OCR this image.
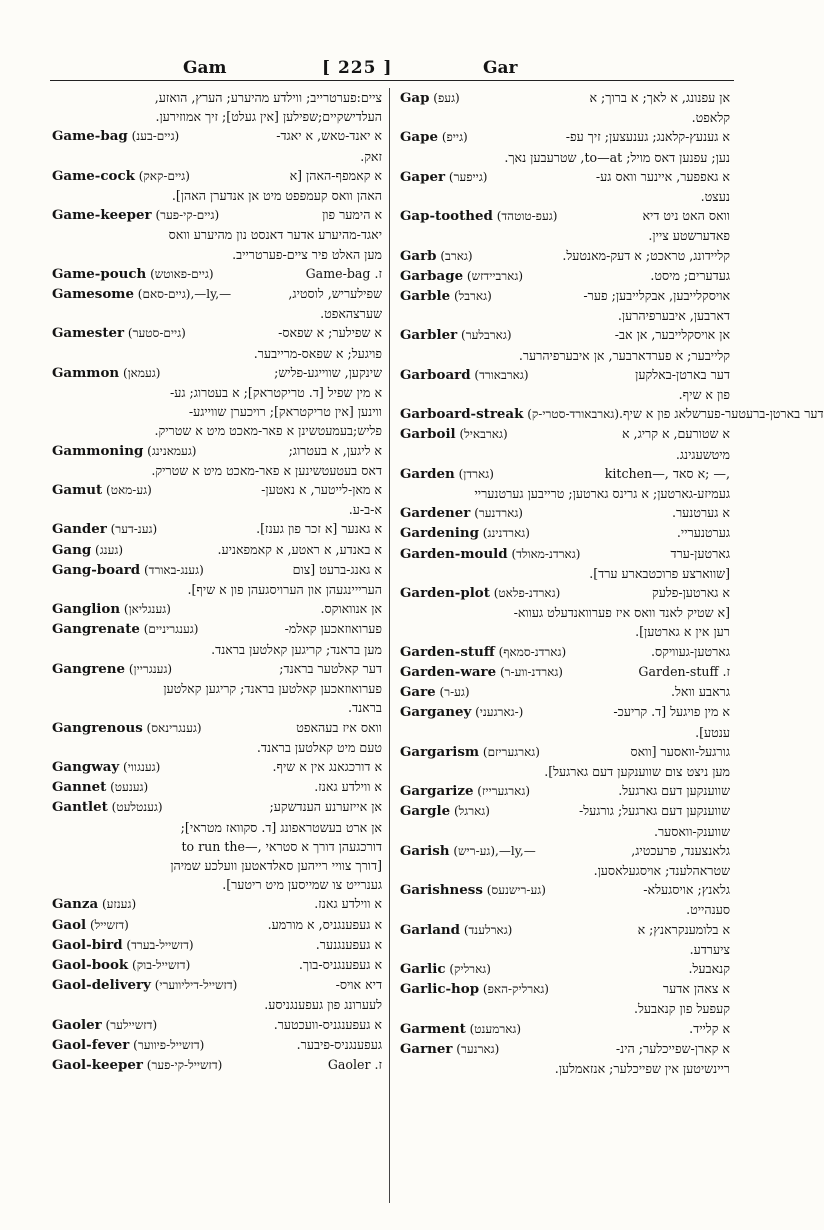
Gam	[ 225 ]	Gar
ציים:פערטרייב; ווילדע מהיערע; הערץ, הואזע,
העלדישקיים;שפילען [אין געלט]; זיך אמוזירען.
Game-bag (גיים-בענ)	א יאנד-טאש, א יאגד-
זאק.
Game-cock (גיים-קאק)	א קאמפף-האהן [א
האהן וואס קעמפפט מיט אן אנדערן האהן].
Game-keeper (גיים-קי-פער)	א הימער פון
יאגד-מהיערע אדער דאנסט נון מהיערע וואס
מען האלט פיר ציים-פערטרייב.
Game-pouch (גיים-פאוטש)	Game-bag .ז
Gamesome (גיים-סאם),—ly,—	שפילעריש, לוסטיג,
שערצהאפט.
Gamester (גיים-סטער)	א שפילער; א שפאס-
פויגעל; א שפאס-מרייבער.
Gammon (געמאן)	שינקען, שווייגע-פליש;
א מין שפיל [ד. טריקטראק]; א בעטרוג; גע-
ווינען [אין טריקטראק]; רויכערן שווייגע-
פליש;בעמעטשינן א פאר-מאכט מיט א שטריק.
Gammoning (געמאנינג)	א ליגען, א בעטרוג;
דאס בעטעטשינען א פאר-מאכט מיט א שטריק.
Gamut (גע-מאט)	א מאן-לייטער, א נאטען-
א-ב-ע.
Gander (גענ-דער)	א גאנער [א זכר פון גענז].
Gang (גענג)	א באנדע, א ראטע, א קאמפאניע.
Gang-board (גענג-באורד)	א גאנג-ברעט [צום
הערייינגעהן און הערויסגעהן פון א שיף].
Ganglion (גענגליאן)	אן אנוואוקס.
Gangrenate (גענגריניים)	פערואוזאכען קאלמ-
מען בראנד; קריגען קאלטען בראנד.
Gangrene (גענגריין)	דער קאלטער בראנד;
פערואוזאכען קאלטען בראנד; קריגען קאלטען
בראנד.
Gangrenous (גענגרינאס)	וואס איז בעהאפט
טעם מיט קאלטען בראנד.
Gangway (גענגווי)	א דורכגאנג אין א שיף.
Gannet (גענעט)	א ווילדע גאנז.
Gantlet (גענטלעט)	אן אייזערנע הענדשקע;
אן ארט בעשטראפונג [ד. סקוואז מטראי];
to run the—, דורכגעהן דורך א סטראי
[דורך צוויי רייהען סאלדאטען וועלכע שמיהן
גענרייט צו שמייסען מיט ריטער].
Ganza (גענזע)	א ווילדע גאנז.
Gaol (דזשייל)	א געפענגניס, א מורמע.
Gaol-bird (דזשייל-בערד)	א געפענגנער.
Gaol-book (דזשייל-בוק)	א געפענגניס-בוך.
Gaol-delivery (דזשייל-דיליווערי)	דיא אויס-
לעערונג פון געפענגניסע.
Gaoler (דזשיילער)	א געפענגניס-וועכטער.
Gaol-fever (דזשייל-פיווער)	געפענגניס-פיבער.
Gaol-keeper (דזשייל-קי-פער)	Gaoler .ז
Gap (געפ)	אן עפנונג, א לאך; א ברוך; א
קלאפט.
Gape (גייפ)	א גענעץ-קלאנג; גענעצען; זיך עפ-
נען; עפנען דאס מויל; to—at, שטרעבען נאך.
Gaper (גייפער)	א גאפפער, איינער וואס גע-
נעצט.
Gap-toothed (געפ-טוטהד)	וואס האט ניט דיא
פאדערשטע ציין.
Garb (גארב)	קליידונג, טראכט; א דעק-מאנטעל.
Garbage (גארביידזש)	געדערים; מיסט.
Garble (גארבל)	אויסקלייבען, אבקלייבען; פער-
דארבען, איבערפיהרען.
Garbler (גארבלער)	אן אויסקלייבער, אן אב-
קלייבער; א פערדארבער, אן איבערפיהרער.
Garboard (גארבאורד)	דער בארטן-באלקען
פון א שיף.
Garboard-streak (גארבאורד-סטרי-ק) דער בארטן-ברעטער-פערשלאג פון א שיף.
Garboil (גארבאיל)	א שטורעם, א קריג, א
מיטשעגינג.
Garden (גארדן)	kitchen—, א סאד; —,
געמיזע-גארטען; א גרינס גארטען; טרייבען גערטנעריי
Gardener (גארדנער)	א גערטנער.
Gardening (גארדנינג)	גערטנעריי.
Garden-mould (גארדנ-מאולד)	גארטען-ערד
[שווארצע פרוכטבארע ערד].
Garden-plot (גארדנ-פלאט)	א גארטען-פלעק
[א שטיק לאנד וואס איז פערוואנדעלט געווא-
רען אין א גארטען].
Garden-stuff (גארדנ-סמאף)	גארטען-געוויקס.
Garden-ware (גארדנ-ווע-ר)	Garden-stuff .ז
Gare (גע-ר)	גראבע וואל.
Garganey (גארגעני-)	א מין פויגעל [ד. קריעכ-
ענטע].
Gargarism (גארגעריזם)	גורגעל-וואסער [וואס
מען ניצט צום שווענקען דעם גארגעל].
Gargarize (גארגערייז)	שווענקען דעם גארגעל.
Gargle (גארגל)	שווענקען דעם גארגעל; גורגעל-
שווענק-וואסער.
Garish (גע-ריש),—ly,—	גלאנצענד, פרעכטיג,
שטראהלענד; אויסגעלאסען.
Garishness (גע-רישנעס)	גלאנץ; אויסגעלא-
סענהייט.
Garland (גארלענד)	א בלומענקראנץ; א
ציערדע.
Garlic (גארליק)	קנאבעל.
Garlic-hop (גארליק-האפ)	א צאהן אדער
קעפעל פון קנאבעל.
Garment (גארמענט)	א קלייד.
Garner (גארנער)	א קארן-שפייכלער; הינ-
ריינשיטען אין שפייכלער; אנזאמלען.
